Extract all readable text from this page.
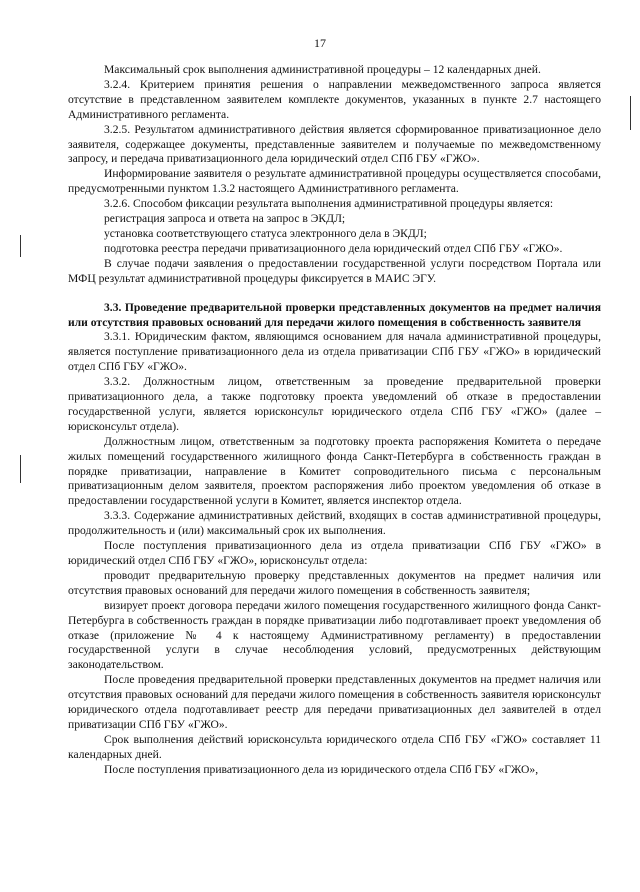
17

Максимальный срок выполнения административной процедуры – 12 календарных дней.

3.2.4. Критерием принятия решения о направлении межведомственного запроса является отсутствие в представленном заявителем комплекте документов, указанных в пункте 2.7 настоящего Административного регламента.

3.2.5. Результатом административного действия является сформированное приватизационное дело заявителя, содержащее документы, представленные заявителем и получаемые по межведомственному запросу, и передача приватизационного дела юридический отдел СПб ГБУ «ГЖО».

Информирование заявителя о результате административной процедуры осуществляется способами, предусмотренными пунктом 1.3.2 настоящего Административного регламента.

3.2.6. Способом фиксации результата выполнения административной процедуры является:

регистрация запроса и ответа на запрос в ЭКДЛ;

установка соответствующего статуса электронного дела в ЭКДЛ;

подготовка реестра передачи приватизационного дела юридический отдел СПб ГБУ «ГЖО».

В случае подачи заявления о предоставлении государственной услуги посредством Портала или МФЦ результат административной процедуры фиксируется в МАИС ЭГУ.

3.3. Проведение предварительной проверки представленных документов на предмет наличия или отсутствия правовых оснований для передачи жилого помещения в собственность заявителя

3.3.1. Юридическим фактом, являющимся основанием для начала административной процедуры, является поступление приватизационного дела из отдела приватизации СПб ГБУ «ГЖО» в юридический отдел СПб ГБУ «ГЖО».

3.3.2. Должностным лицом, ответственным за проведение предварительной проверки приватизационного дела, а также подготовку проекта уведомлений об отказе в предоставлении государственной услуги, является юрисконсульт юридического отдела СПб ГБУ «ГЖО» (далее – юрисконсульт отдела).

Должностным лицом, ответственным за подготовку проекта распоряжения Комитета о передаче жилых помещений государственного жилищного фонда Санкт-Петербурга в собственность граждан в порядке приватизации, направление в Комитет сопроводительного письма с персональным приватизационным делом заявителя, проектом распоряжения либо проектом уведомления об отказе в предоставлении государственной услуги в Комитет, является инспектор отдела.

3.3.3. Содержание административных действий, входящих в состав административной процедуры, продолжительность и (или) максимальный срок их выполнения.

После поступления приватизационного дела из отдела приватизации СПб ГБУ «ГЖО» в юридический отдел СПб ГБУ «ГЖО», юрисконсульт отдела:

проводит предварительную проверку представленных документов на предмет наличия или отсутствия правовых оснований для передачи жилого помещения в собственность заявителя;

визирует проект договора передачи жилого помещения государственного жилищного фонда Санкт-Петербурга в собственность граждан в порядке приватизации либо подготавливает проект уведомления об отказе (приложение № 4 к настоящему Административному регламенту) в предоставлении государственной услуги в случае несоблюдения условий, предусмотренных действующим законодательством.

После проведения предварительной проверки представленных документов на предмет наличия или отсутствия правовых оснований для передачи жилого помещения в собственность заявителя юрисконсульт юридического отдела подготавливает реестр для передачи приватизационных дел заявителей в отдел приватизации СПб ГБУ «ГЖО».

Срок выполнения действий юрисконсульта юридического отдела СПб ГБУ «ГЖО» составляет 11 календарных дней.

После поступления приватизационного дела из юридического отдела СПб ГБУ «ГЖО»,
